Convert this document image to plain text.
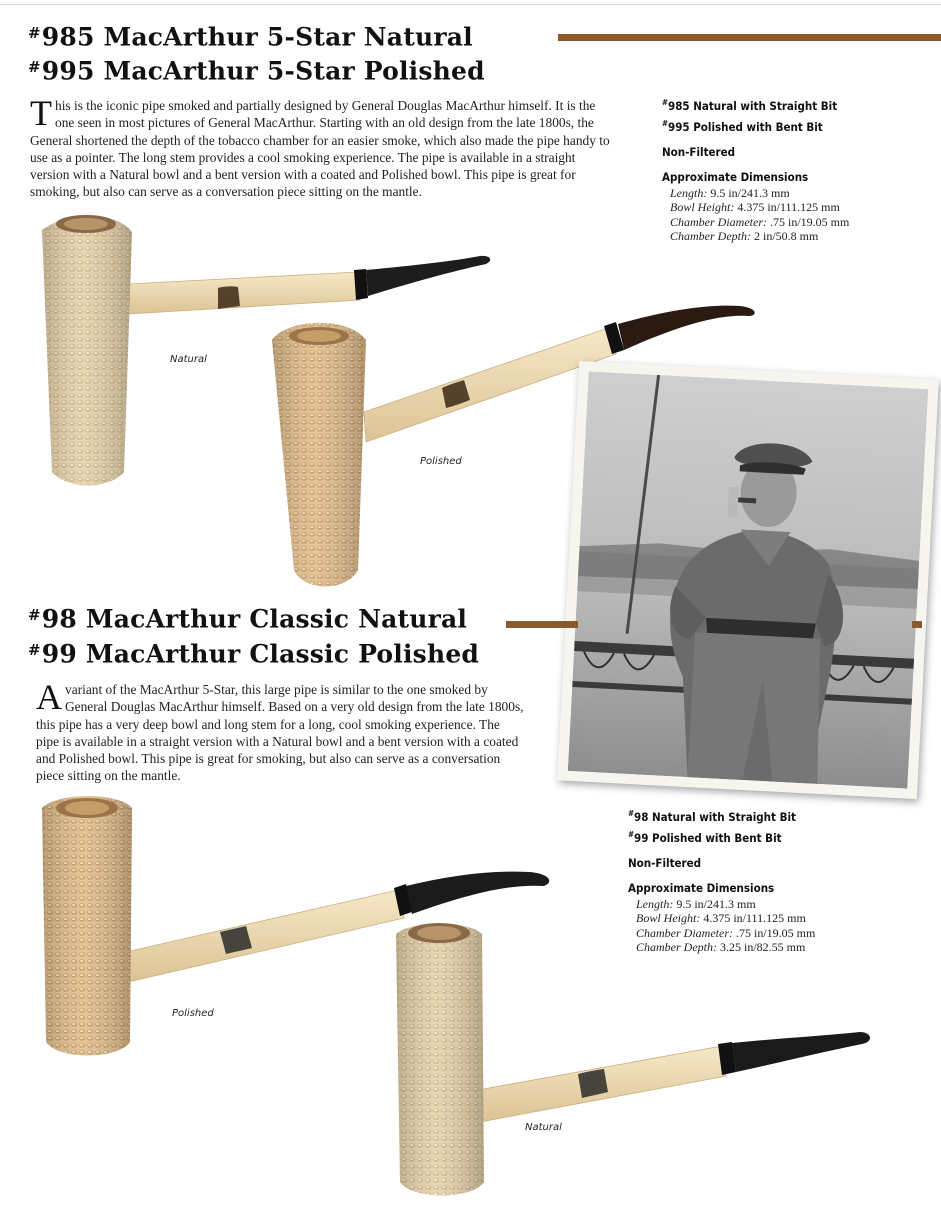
#985 MacArthur 5-Star Natural
#995 MacArthur 5-Star Polished

This is the iconic pipe smoked and partially designed by General Douglas MacArthur himself. It is the one seen in most pictures of General MacArthur. Starting with an old design from the late 1800s, the General shortened the depth of the tobacco chamber for an easier smoke, which also made the pipe handy to use as a pointer. The long stem provides a cool smoking experience. The pipe is available in a straight version with a Natural bowl and a bent version with a coated and Polished bowl. This pipe is great for smoking, but also can serve as a conversation piece sitting on the mantle.

#985 Natural with Straight Bit
#995 Polished with Bent Bit
Non-Filtered
Approximate Dimensions
Length: 9.5 in/241.3 mm
Bowl Height: 4.375 in/111.125 mm
Chamber Diameter: .75 in/19.05 mm
Chamber Depth: 2 in/50.8 mm
Natural
Polished
#98 MacArthur Classic Natural
#99 MacArthur Classic Polished

A variant of the MacArthur 5-Star, this large pipe is similar to the one smoked by General Douglas MacArthur himself. Based on a very old design from the late 1800s, this pipe has a very deep bowl and long stem for a long, cool smoking experience. The pipe is available in a straight version with a Natural bowl and a bent version with a coated and Polished bowl. This pipe is great for smoking, but also can serve as a conversation piece sitting on the mantle.

#98 Natural with Straight Bit
#99 Polished with Bent Bit
Non-Filtered
Approximate Dimensions
Length: 9.5 in/241.3 mm
Bowl Height: 4.375 in/111.125 mm
Chamber Diameter: .75 in/19.05 mm
Chamber Depth: 3.25 in/82.55 mm
Polished
Natural
